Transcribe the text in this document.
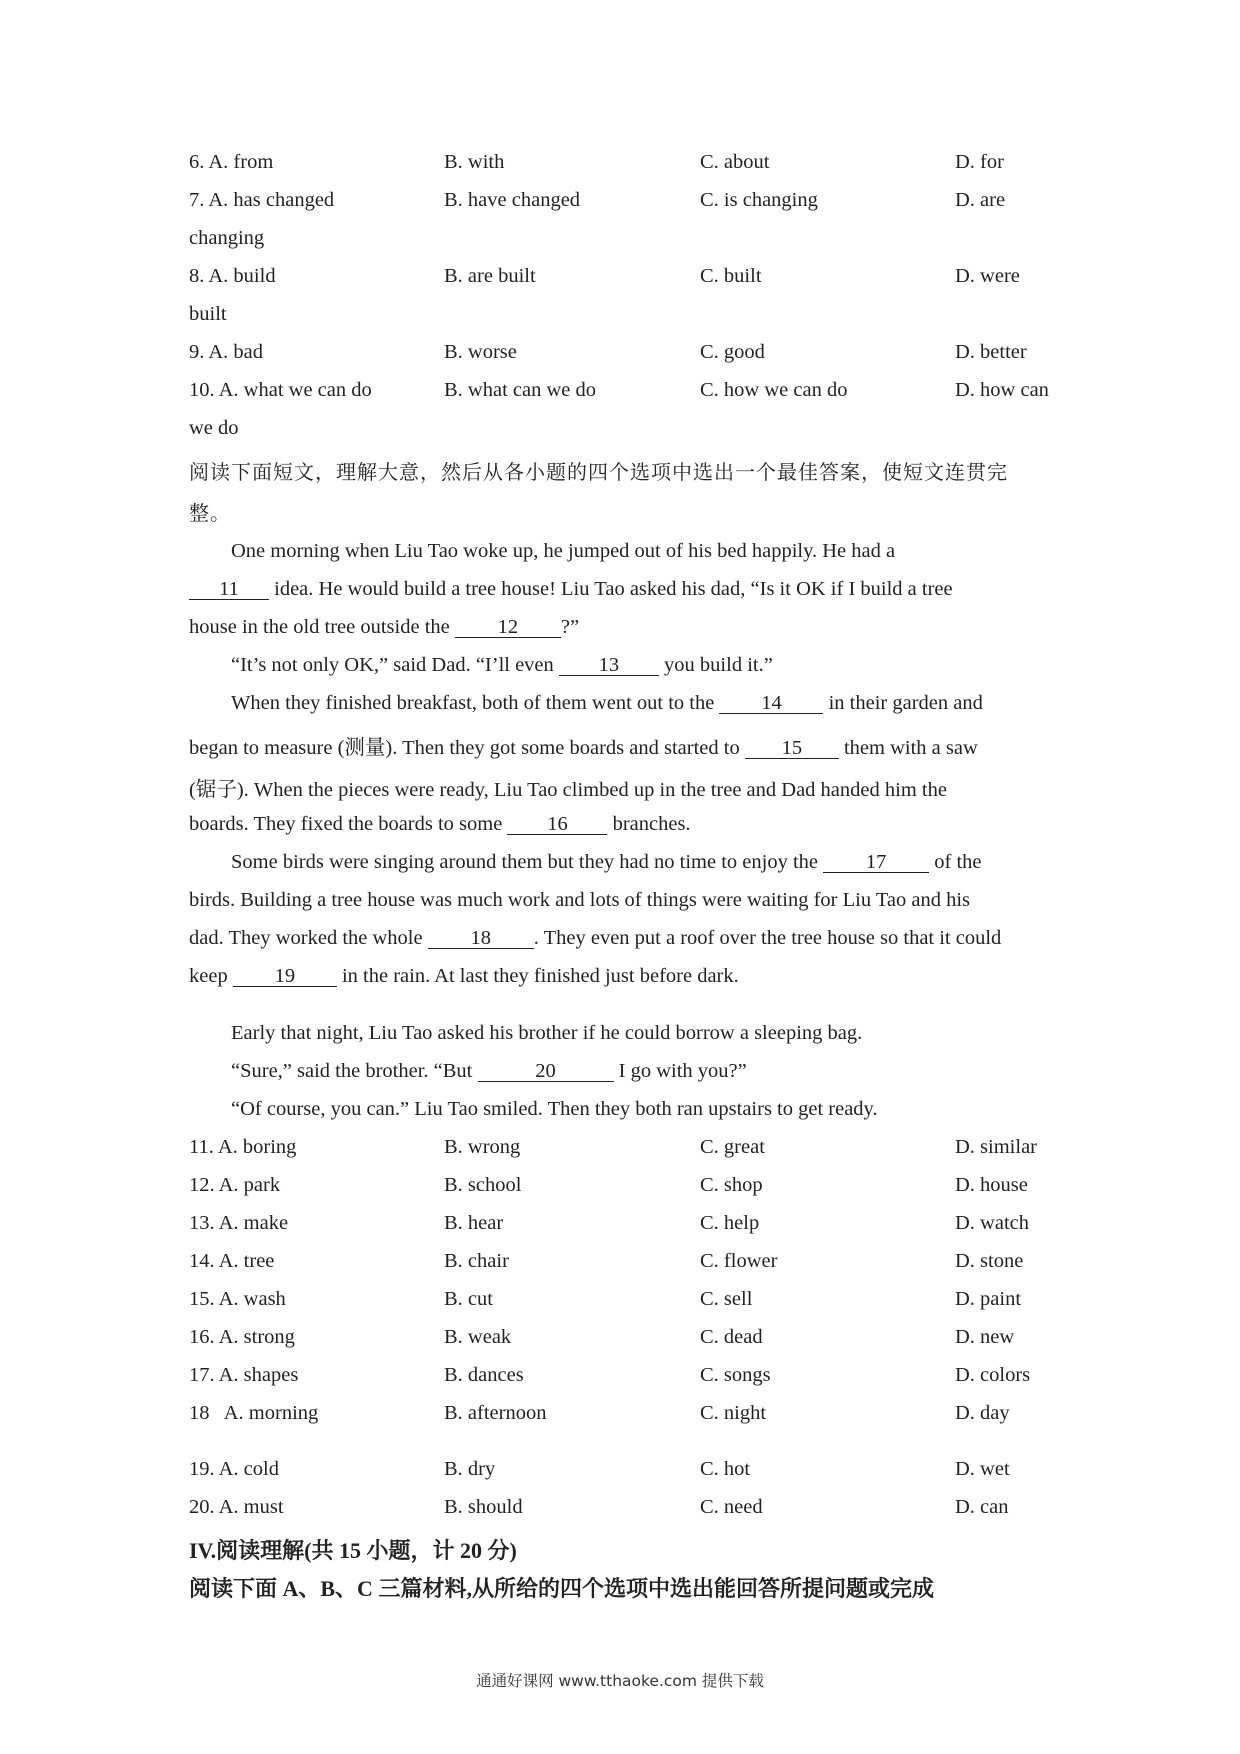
6. A. from	B. with	C. about	D. for
7. A. has changed	B. have changed	C. is changing	D. are
changing
8. A. build	B. are built	C. built	D. were
built
9. A. bad	B. worse	C. good	D. better
10. A. what we can do	B. what can we do	C. how we can do	D. how can
we do
阅读下面短文，理解大意，然后从各小题的四个选项中选出一个最佳答案，使短文连贯完
整。
One morning when Liu Tao woke up, he jumped out of his bed happily. He had a
11 idea. He would build a tree house! Liu Tao asked his dad, “Is it OK if I build a tree
house in the old tree outside the 12 ?”
“It’s not only OK,” said Dad. “I’ll even 13 you build it.”
When they finished breakfast, both of them went out to the 14 in their garden and
began to measure (测量). Then they got some boards and started to 15 them with a saw
(锯子). When the pieces were ready, Liu Tao climbed up in the tree and Dad handed him the
boards. They fixed the boards to some 16 branches.
Some birds were singing around them but they had no time to enjoy the 17 of the
birds. Building a tree house was much work and lots of things were waiting for Liu Tao and his
dad. They worked the whole 18 . They even put a roof over the tree house so that it could
keep 19 in the rain. At last they finished just before dark.
Early that night, Liu Tao asked his brother if he could borrow a sleeping bag.
“Sure,” said the brother. “But	20	I go with you?”
“Of course, you can.” Liu Tao smiled. Then they both ran upstairs to get ready.
11. A. boring	B. wrong	C. great	D. similar
12. A. park	B. school	C. shop	D. house
13. A. make	B. hear	C. help	D. watch
14. A. tree	B. chair	C. flower	D. stone
15. A. wash	B. cut	C. sell	D. paint
16. A. strong	B. weak	C. dead	D. new
17. A. shapes	B. dances	C. songs	D. colors
18   A. morning	B. afternoon	C. night	D. day
19. A. cold	B. dry	C. hot	D. wet
20. A. must	B. should	C. need	D. can
IV.阅读理解(共 15 小题，计 20 分)
阅读下面 A、B、C 三篇材料,从所给的四个选项中选出能回答所提问题或完成
通通好课网 www.tthaoke.com 提供下载
